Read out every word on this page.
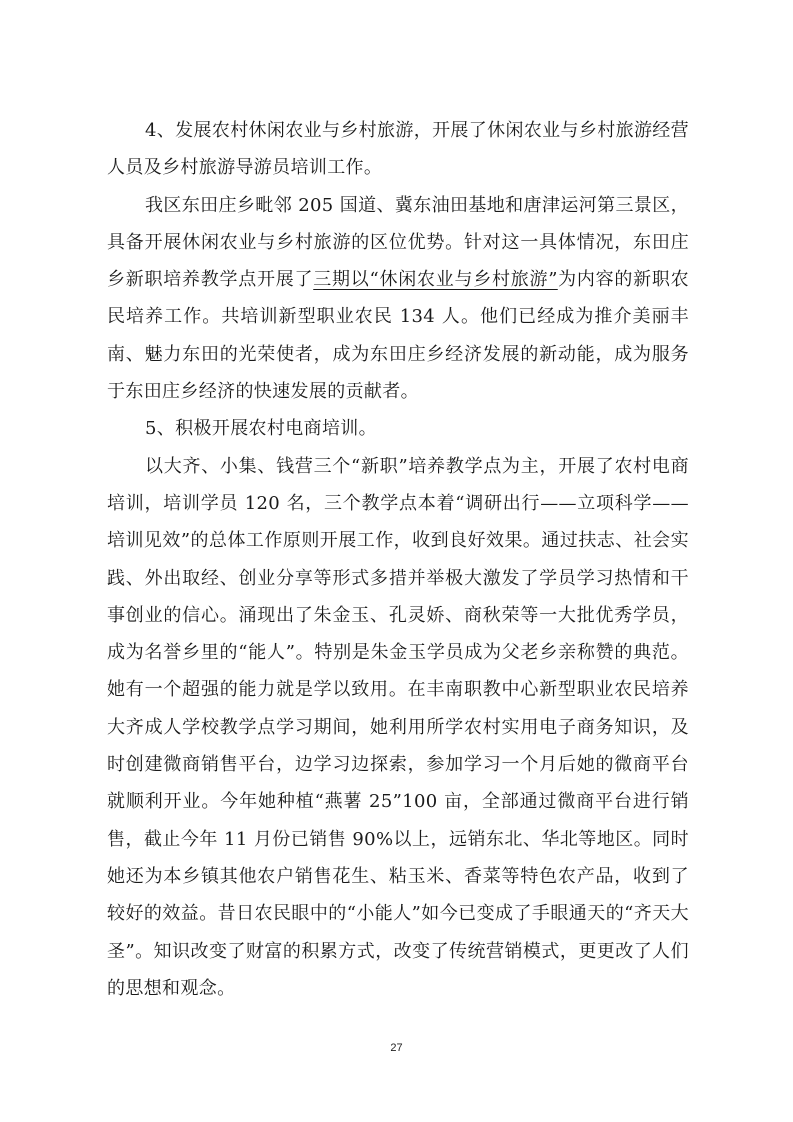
4、发展农村休闲农业与乡村旅游，开展了休闲农业与乡村旅游经营人员及乡村旅游导游员培训工作。

我区东田庄乡毗邻 205 国道、冀东油田基地和唐津运河第三景区，具备开展休闲农业与乡村旅游的区位优势。针对这一具体情况，东田庄乡新职培养教学点开展了三期以“休闲农业与乡村旅游”为内容的新职农民培养工作。共培训新型职业农民 134 人。他们已经成为推介美丽丰南、魅力东田的光荣使者，成为东田庄乡经济发展的新动能，成为服务于东田庄乡经济的快速发展的贡献者。

5、积极开展农村电商培训。

以大齐、小集、钱营三个“新职”培养教学点为主，开展了农村电商培训，培训学员 120 名，三个教学点本着“调研出行——立项科学——培训见效”的总体工作原则开展工作，收到良好效果。通过扶志、社会实践、外出取经、创业分享等形式多措并举极大激发了学员学习热情和干事创业的信心。涌现出了朱金玉、孔灵娇、商秋荣等一大批优秀学员，成为名誉乡里的“能人”。特别是朱金玉学员成为父老乡亲称赞的典范。她有一个超强的能力就是学以致用。在丰南职教中心新型职业农民培养大齐成人学校教学点学习期间，她利用所学农村实用电子商务知识，及时创建微商销售平台，边学习边探索，参加学习一个月后她的微商平台就顺利开业。今年她种植“燕薯 25”100 亩，全部通过微商平台进行销售，截止今年 11 月份已销售 90%以上，远销东北、华北等地区。同时她还为本乡镇其他农户销售花生、粘玉米、香菜等特色农产品，收到了较好的效益。昔日农民眼中的“小能人”如今已变成了手眼通天的“齐天大圣”。知识改变了财富的积累方式，改变了传统营销模式，更更改了人们的思想和观念。

27
